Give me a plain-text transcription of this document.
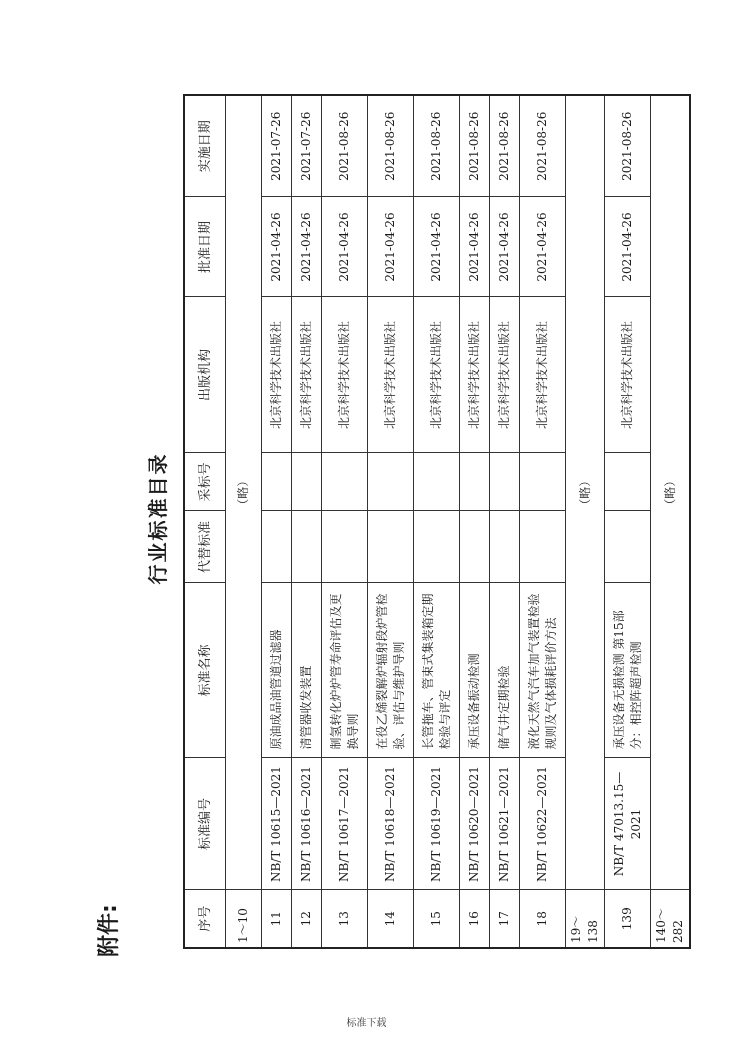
附件:
行业标准目录
序号	标准编号	标准名称	代替标准	采标号	出版机构	批准日期	实施日期
1～10	（略）						
11	NB/T 10615—2021	原油成品油管道过滤器			北京科学技术出版社	2021-04-26	2021-07-26
12	NB/T 10616—2021	清管器收发装置			北京科学技术出版社	2021-04-26	2021-07-26
13	NB/T 10617—2021	制氢转化炉炉管寿命评估及更换导则			北京科学技术出版社	2021-04-26	2021-08-26
14	NB/T 10618—2021	在役乙烯裂解炉辐射段炉管检验、评估与维护导则			北京科学技术出版社	2021-04-26	2021-08-26
15	NB/T 10619—2021	长管拖车、管束式集装箱定期检验与评定			北京科学技术出版社	2021-04-26	2021-08-26
16	NB/T 10620—2021	承压设备振动检测			北京科学技术出版社	2021-04-26	2021-08-26
17	NB/T 10621—2021	储气井定期检验			北京科学技术出版社	2021-04-26	2021-08-26
18	NB/T 10622—2021	液化天然气汽车加气装置检验规则及气体损耗评价方法			北京科学技术出版社	2021-04-26	2021-08-26
19～138	（略）						
139	NB/T 47013.15—2021	承压设备无损检测 第15部分：相控阵超声检测			北京科学技术出版社	2021-04-26	2021-08-26
140～282	（略）						
标准下载
